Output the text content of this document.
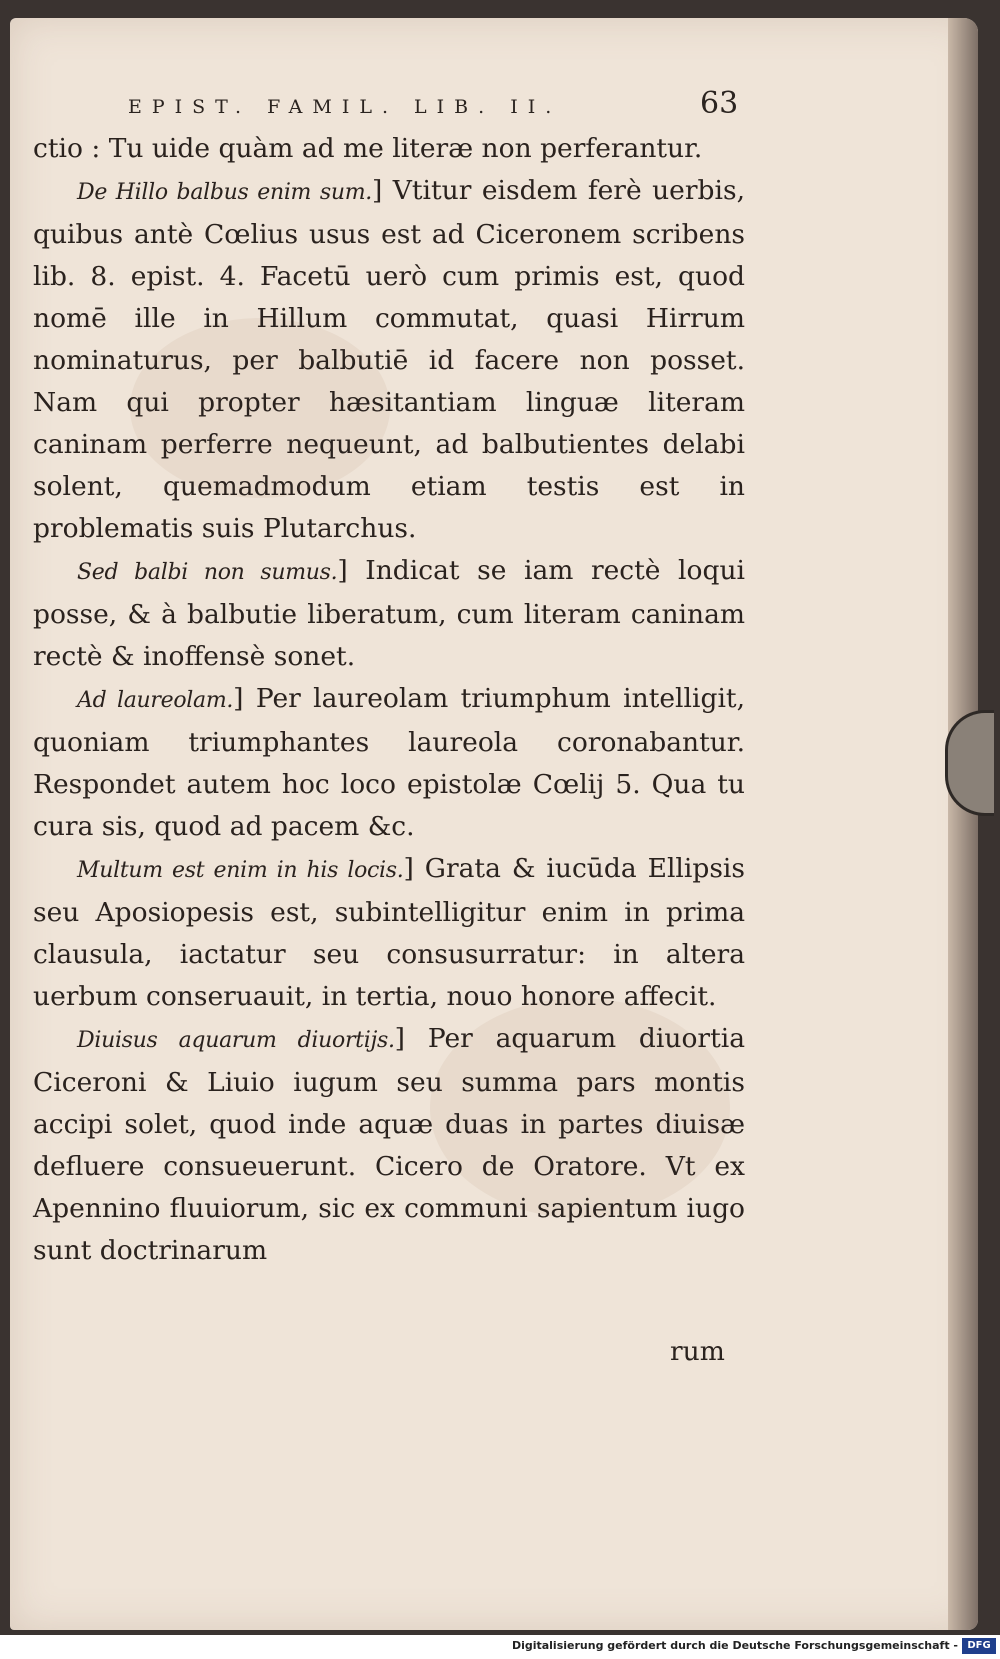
EPIST. FAMIL. LIB. II.	63

ctio : Tu uide quàm ad me literæ non perferantur.

De Hillo balbus enim sum.] Vtitur eisdem ferè uerbis, quibus antè Cœlius usus est ad Ciceronem scribens lib. 8. epist. 4. Facetū uerò cum primis est, quod nomē ille in Hillum commutat, quasi Hirrum nominaturus, per balbutiē id facere non posset. Nam qui propter hæsitantiam linguæ literam caninam perferre nequeunt, ad balbutientes delabi solent, quemadmodum etiam testis est in problematis suis Plutarchus.

Sed balbi non sumus.] Indicat se iam rectè loqui posse, & à balbutie liberatum, cum literam caninam rectè & inoffensè sonet.

Ad laureolam.] Per laureolam triumphum intelligit, quoniam triumphantes laureola coronabantur. Respondet autem hoc loco epistolæ Cœlij 5. Qua tu cura sis, quod ad pacem &c.

Multum est enim in his locis.] Grata & iucūda Ellipsis seu Aposiopesis est, subintelligitur enim in prima clausula, iactatur seu consusurratur: in altera uerbum conseruauit, in tertia, nouo honore affecit.

Diuisus aquarum diuortijs.] Per aquarum diuortia Ciceroni & Liuio iugum seu summa pars montis accipi solet, quod inde aquæ duas in partes diuisæ defluere consueuerunt. Cicero de Oratore. Vt ex Apennino fluuiorum, sic ex communi sapientum iugo sunt doctrinarum

rum
Digitalisierung gefördert durch die Deutsche Forschungsgemeinschaft - DFG
